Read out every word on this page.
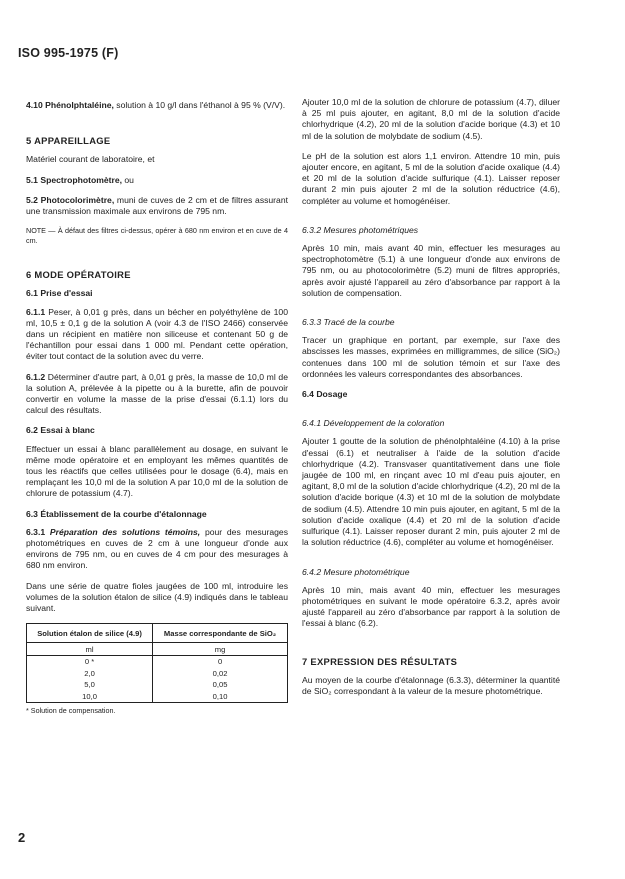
ISO 995-1975 (F)

4.10 Phénolphtaléine, solution à 10 g/l dans l'éthanol à 95 % (V/V).

5 APPAREILLAGE

Matériel courant de laboratoire, et

5.1 Spectrophotomètre, ou

5.2 Photocolorimètre, muni de cuves de 2 cm et de filtres assurant une transmission maximale aux environs de 795 nm.

NOTE — À défaut des filtres ci-dessus, opérer à 680 nm environ et en cuve de 4 cm.

6 MODE OPÉRATOIRE
6.1 Prise d'essai

6.1.1 Peser, à 0,01 g près, dans un bécher en polyéthylène de 100 ml, 10,5 ± 0,1 g de la solution A (voir 4.3 de l'ISO 2466) conservée dans un récipient en matière non siliceuse et contenant 50 g de l'échantillon pour essai dans 1 000 ml. Pendant cette opération, éviter tout contact de la solution avec du verre.

6.1.2 Déterminer d'autre part, à 0,01 g près, la masse de 10,0 ml de la solution A, prélevée à la pipette ou à la burette, afin de pouvoir convertir en volume la masse de la prise d'essai (6.1.1) lors du calcul des résultats.

6.2 Essai à blanc

Effectuer un essai à blanc parallèlement au dosage, en suivant le même mode opératoire et en employant les mêmes quantités de tous les réactifs que celles utilisées pour le dosage (6.4), mais en remplaçant les 10,0 ml de la solution A par 10,0 ml de la solution de chlorure de potassium (4.7).

6.3 Établissement de la courbe d'étalonnage

6.3.1 Préparation des solutions témoins, pour des mesurages photométriques en cuves de 2 cm à une longueur d'onde aux environs de 795 nm, ou en cuves de 4 cm pour des mesurages à 680 nm environ.

Dans une série de quatre fioles jaugées de 100 ml, introduire les volumes de la solution étalon de silice (4.9) indiqués dans le tableau suivant.

Solution étalon de silice (4.9)	Masse correspondante de SiO₂
ml	mg
0 *	0
2,0	0,02
5,0	0,05
10,0	0,10
* Solution de compensation.

Ajouter 10,0 ml de la solution de chlorure de potassium (4.7), diluer à 25 ml puis ajouter, en agitant, 8,0 ml de la solution d'acide chlorhydrique (4.2), 20 ml de la solution d'acide borique (4.3) et 10 ml de la solution de molybdate de sodium (4.5).

Le pH de la solution est alors 1,1 environ. Attendre 10 min, puis ajouter encore, en agitant, 5 ml de la solution d'acide oxalique (4.4) et 20 ml de la solution d'acide sulfurique (4.1). Laisser reposer durant 2 min puis ajouter 2 ml de la solution réductrice (4.6), compléter au volume et homogénéiser.

6.3.2 Mesures photométriques

Après 10 min, mais avant 40 min, effectuer les mesurages au spectrophotomètre (5.1) à une longueur d'onde aux environs de 795 nm, ou au photocolorimètre (5.2) muni de filtres appropriés, après avoir ajusté l'appareil au zéro d'absorbance par rapport à la solution de compensation.

6.3.3 Tracé de la courbe

Tracer un graphique en portant, par exemple, sur l'axe des abscisses les masses, exprimées en milligrammes, de silice (SiO₂) contenues dans 100 ml de solution témoin et sur l'axe des ordonnées les valeurs correspondantes des absorbances.

6.4 Dosage
6.4.1 Développement de la coloration

Ajouter 1 goutte de la solution de phénolphtaléine (4.10) à la prise d'essai (6.1) et neutraliser à l'aide de la solution d'acide chlorhydrique (4.2). Transvaser quantitativement dans une fiole jaugée de 100 ml, en rinçant avec 10 ml d'eau puis ajouter, en agitant, 8,0 ml de la solution d'acide chlorhydrique (4.2), 20 ml de la solution d'acide borique (4.3) et 10 ml de la solution de molybdate de sodium (4.5). Attendre 10 min puis ajouter, en agitant, 5 ml de la solution d'acide oxalique (4.4) et 20 ml de la solution d'acide sulfurique (4.1). Laisser reposer durant 2 min, puis ajouter 2 ml de la solution réductrice (4.6), compléter au volume et homogénéiser.

6.4.2 Mesure photométrique

Après 10 min, mais avant 40 min, effectuer les mesurages photométriques en suivant le mode opératoire 6.3.2, après avoir ajusté l'appareil au zéro d'absorbance par rapport à la solution de l'essai à blanc (6.2).

7 EXPRESSION DES RÉSULTATS

Au moyen de la courbe d'étalonnage (6.3.3), déterminer la quantité de SiO₂ correspondant à la valeur de la mesure photométrique.

2
